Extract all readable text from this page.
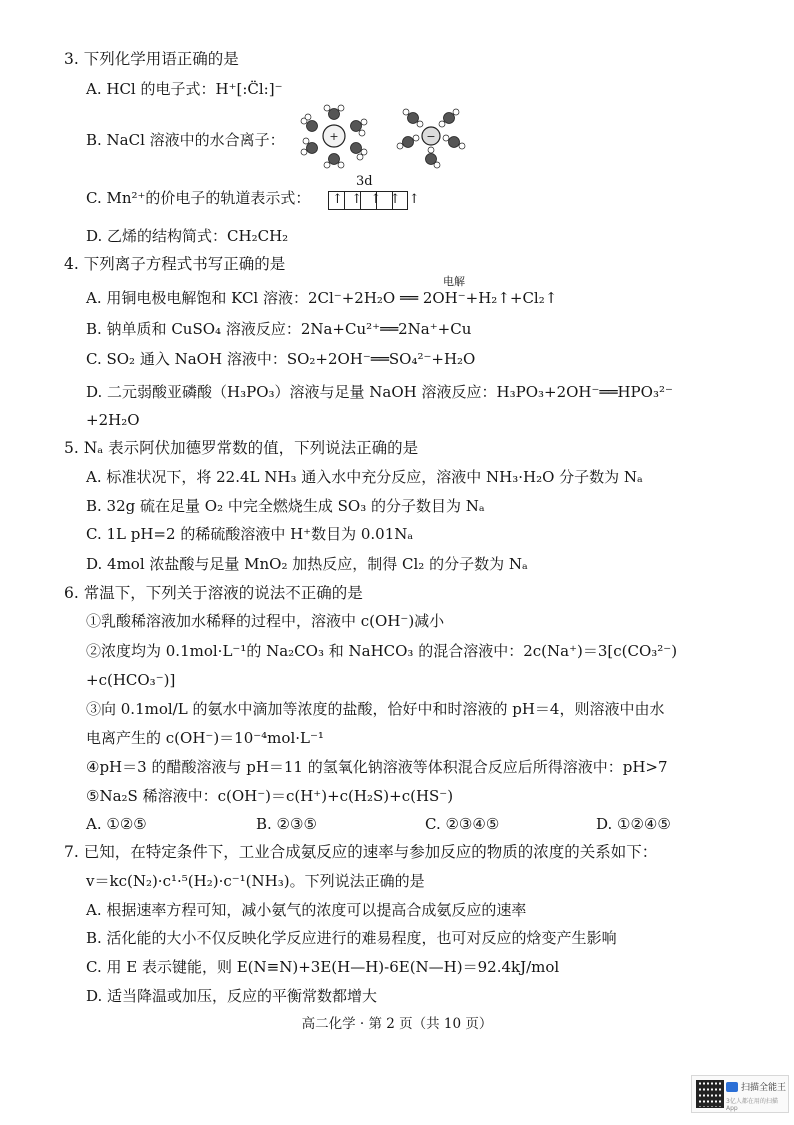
3. 下列化学用语正确的是
A. HCl 的电子式：H⁺[:C̈l:]⁻
B. NaCl 溶液中的水合离子：	+	−
C. Mn²⁺的价电子的轨道表示式：
3d
↑↑↑↑↑
D. 乙烯的结构简式：CH₂CH₂
4. 下列离子方程式书写正确的是
电解
A. 用铜电极电解饱和 KCl 溶液：2Cl⁻+2H₂O ══ 2OH⁻+H₂↑+Cl₂↑
B. 钠单质和 CuSO₄ 溶液反应：2Na+Cu²⁺══2Na⁺+Cu
C. SO₂ 通入 NaOH 溶液中：SO₂+2OH⁻══SO₄²⁻+H₂O
D. 二元弱酸亚磷酸（H₃PO₃）溶液与足量 NaOH 溶液反应：H₃PO₃+2OH⁻══HPO₃²⁻
+2H₂O
5. Nₐ 表示阿伏加德罗常数的值，下列说法正确的是
A. 标准状况下，将 22.4L NH₃ 通入水中充分反应，溶液中 NH₃·H₂O 分子数为 Nₐ
B. 32g 硫在足量 O₂ 中完全燃烧生成 SO₃ 的分子数目为 Nₐ
C. 1L pH=2 的稀硫酸溶液中 H⁺数目为 0.01Nₐ
D. 4mol 浓盐酸与足量 MnO₂ 加热反应，制得 Cl₂ 的分子数为 Nₐ
6. 常温下，下列关于溶液的说法不正确的是
①乳酸稀溶液加水稀释的过程中，溶液中 c(OH⁻)减小
②浓度均为 0.1mol·L⁻¹的 Na₂CO₃ 和 NaHCO₃ 的混合溶液中：2c(Na⁺)＝3[c(CO₃²⁻)
+c(HCO₃⁻)]
③向 0.1mol/L 的氨水中滴加等浓度的盐酸，恰好中和时溶液的 pH＝4，则溶液中由水
电离产生的 c(OH⁻)＝10⁻⁴mol·L⁻¹
④pH＝3 的醋酸溶液与 pH＝11 的氢氧化钠溶液等体积混合反应后所得溶液中：pH>7
⑤Na₂S 稀溶液中：c(OH⁻)＝c(H⁺)+c(H₂S)+c(HS⁻)
A. ①②⑤	B. ②③⑤	C. ②③④⑤	D. ①②④⑤
7. 已知，在特定条件下，工业合成氨反应的速率与参加反应的物质的浓度的关系如下：
v＝kc(N₂)·c¹·⁵(H₂)·c⁻¹(NH₃)。下列说法正确的是
A. 根据速率方程可知，减小氨气的浓度可以提高合成氨反应的速率
B. 活化能的大小不仅反映化学反应进行的难易程度，也可对反应的焓变产生影响
C. 用 E 表示键能，则 E(N≡N)+3E(H—H)-6E(N—H)＝92.4kJ/mol
D. 适当降温或加压，反应的平衡常数都增大
高二化学 · 第 2 页（共 10 页）
扫描全能王
3亿人都在用的扫描App
